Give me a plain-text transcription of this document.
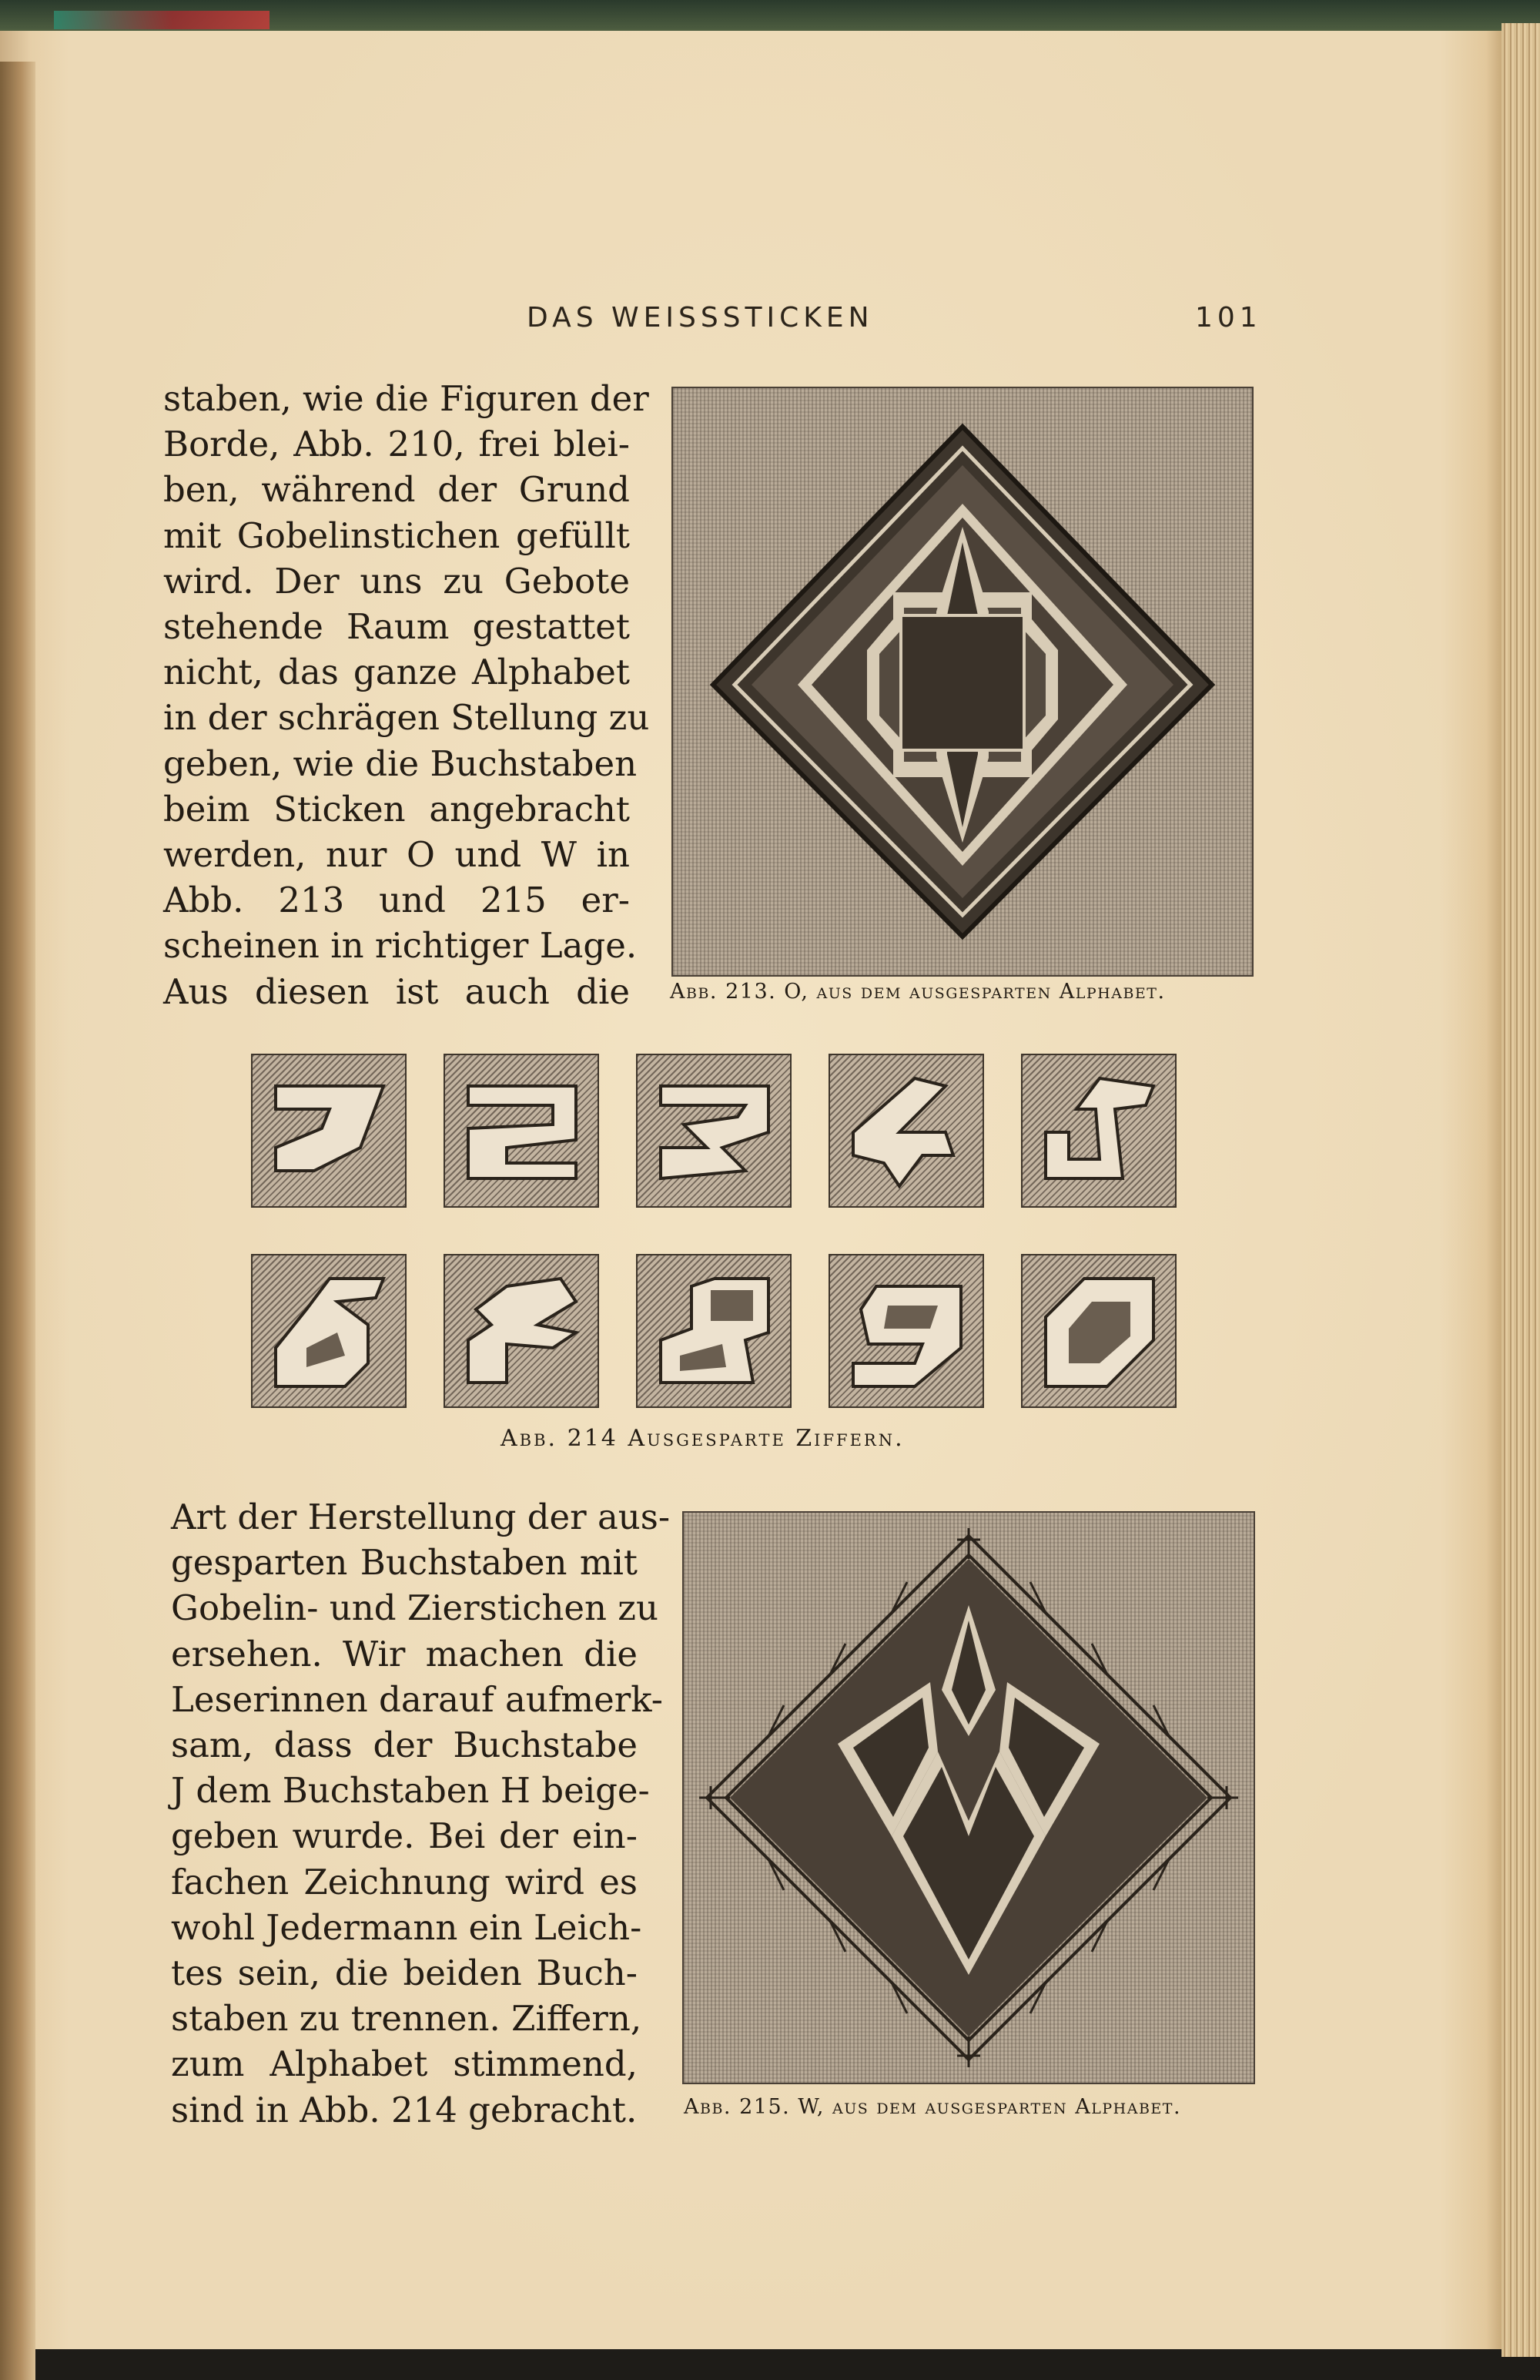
DAS WEISSSTICKEN	101
staben, wie die Figuren der
Borde, Abb. 210, frei blei-
ben, während der Grund
mit Gobelinstichen gefüllt
wird. Der uns zu Gebote
stehende Raum gestattet
nicht, das ganze Alphabet
in der schrägen Stellung zu
geben, wie die Buchstaben
beim Sticken angebracht
werden, nur O und W in
Abb. 213 und 215 er-
scheinen in richtiger Lage.
Aus diesen ist auch die Abb. 213. O, aus dem ausgesparten Alphabet.
Abb. 214 Ausgesparte Ziffern.
Art der Herstellung der aus-
gesparten Buchstaben mit
Gobelin- und Zierstichen zu
ersehen. Wir machen die
Leserinnen darauf aufmerk-
sam, dass der Buchstabe
J dem Buchstaben H beige-
geben wurde. Bei der ein-
fachen Zeichnung wird es
wohl Jedermann ein Leich-
tes sein, die beiden Buch-
staben zu trennen. Ziffern,
zum Alphabet stimmend,
sind in Abb. 214 gebracht. Abb. 215. W, aus dem ausgesparten Alphabet.
